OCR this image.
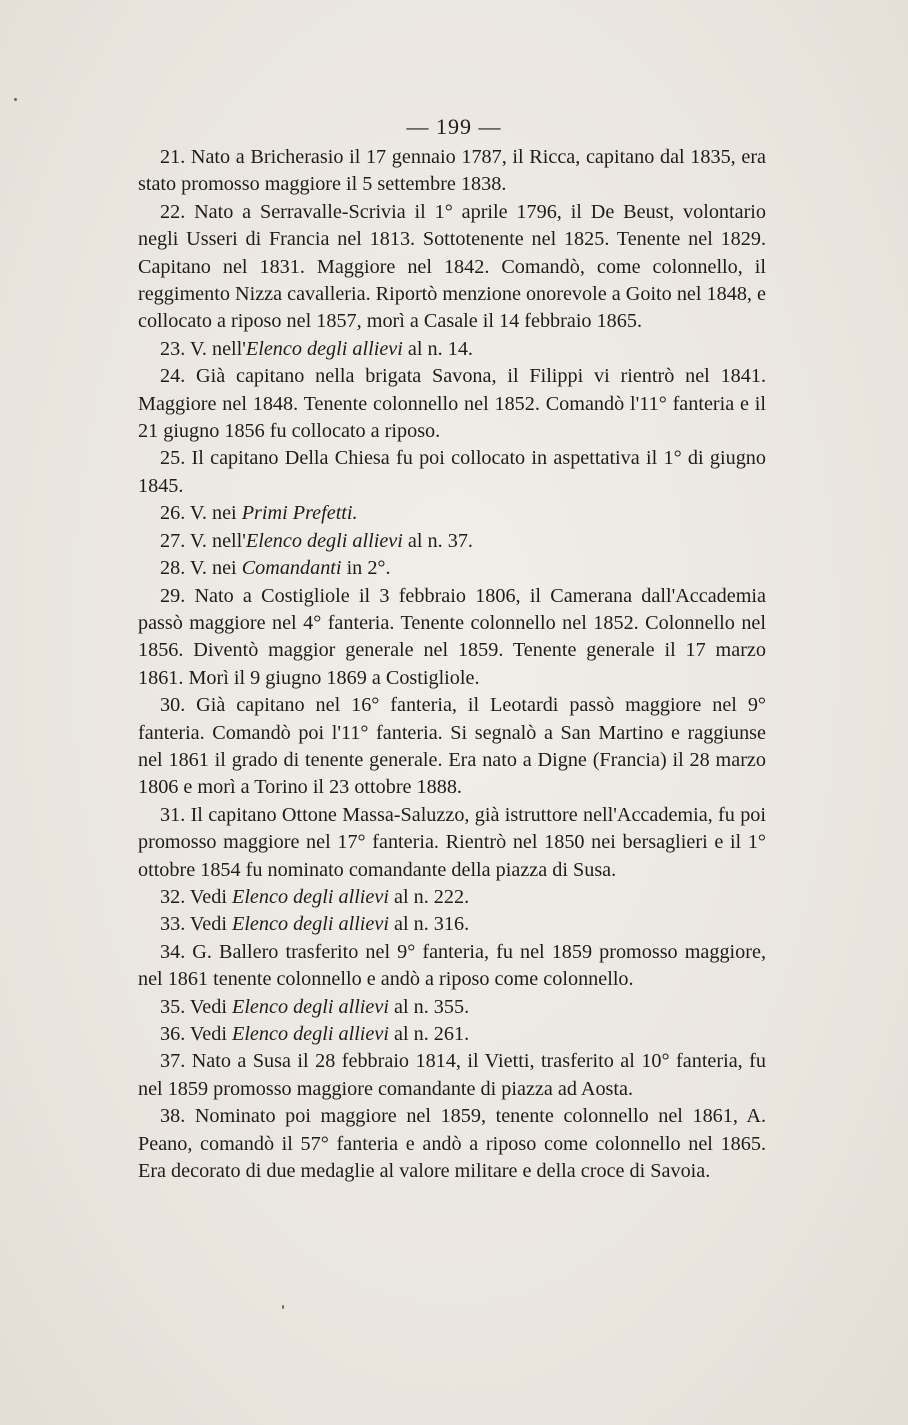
— 199 —

21. Nato a Bricherasio il 17 gennaio 1787, il Ricca, capitano dal 1835, era stato promosso maggiore il 5 settembre 1838.

22. Nato a Serravalle-Scrivia il 1° aprile 1796, il De Beust, volontario negli Usseri di Francia nel 1813. Sottotenente nel 1825. Tenente nel 1829. Capitano nel 1831. Maggiore nel 1842. Comandò, come colonnello, il reggimento Nizza cavalleria. Riportò menzione onorevole a Goito nel 1848, e collocato a riposo nel 1857, morì a Casale il 14 febbraio 1865.

23. V. nell'Elenco degli allievi al n. 14.

24. Già capitano nella brigata Savona, il Filippi vi rientrò nel 1841. Maggiore nel 1848. Tenente colonnello nel 1852. Comandò l'11° fanteria e il 21 giugno 1856 fu collocato a riposo.

25. Il capitano Della Chiesa fu poi collocato in aspettativa il 1° di giugno 1845.

26. V. nei Primi Prefetti.

27. V. nell'Elenco degli allievi al n. 37.

28. V. nei Comandanti in 2°.

29. Nato a Costigliole il 3 febbraio 1806, il Camerana dall'Accademia passò maggiore nel 4° fanteria. Tenente colonnello nel 1852. Colonnello nel 1856. Diventò maggior generale nel 1859. Tenente generale il 17 marzo 1861. Morì il 9 giugno 1869 a Costigliole.

30. Già capitano nel 16° fanteria, il Leotardi passò maggiore nel 9° fanteria. Comandò poi l'11° fanteria. Si segnalò a San Martino e raggiunse nel 1861 il grado di tenente generale. Era nato a Digne (Francia) il 28 marzo 1806 e morì a Torino il 23 ottobre 1888.

31. Il capitano Ottone Massa-Saluzzo, già istruttore nell'Accademia, fu poi promosso maggiore nel 17° fanteria. Rientrò nel 1850 nei bersaglieri e il 1° ottobre 1854 fu nominato comandante della piazza di Susa.

32. Vedi Elenco degli allievi al n. 222.

33. Vedi Elenco degli allievi al n. 316.

34. G. Ballero trasferito nel 9° fanteria, fu nel 1859 promosso maggiore, nel 1861 tenente colonnello e andò a riposo come colonnello.

35. Vedi Elenco degli allievi al n. 355.

36. Vedi Elenco degli allievi al n. 261.

37. Nato a Susa il 28 febbraio 1814, il Vietti, trasferito al 10° fanteria, fu nel 1859 promosso maggiore comandante di piazza ad Aosta.

38. Nominato poi maggiore nel 1859, tenente colonnello nel 1861, A. Peano, comandò il 57° fanteria e andò a riposo come colonnello nel 1865. Era decorato di due medaglie al valore militare e della croce di Savoia.
